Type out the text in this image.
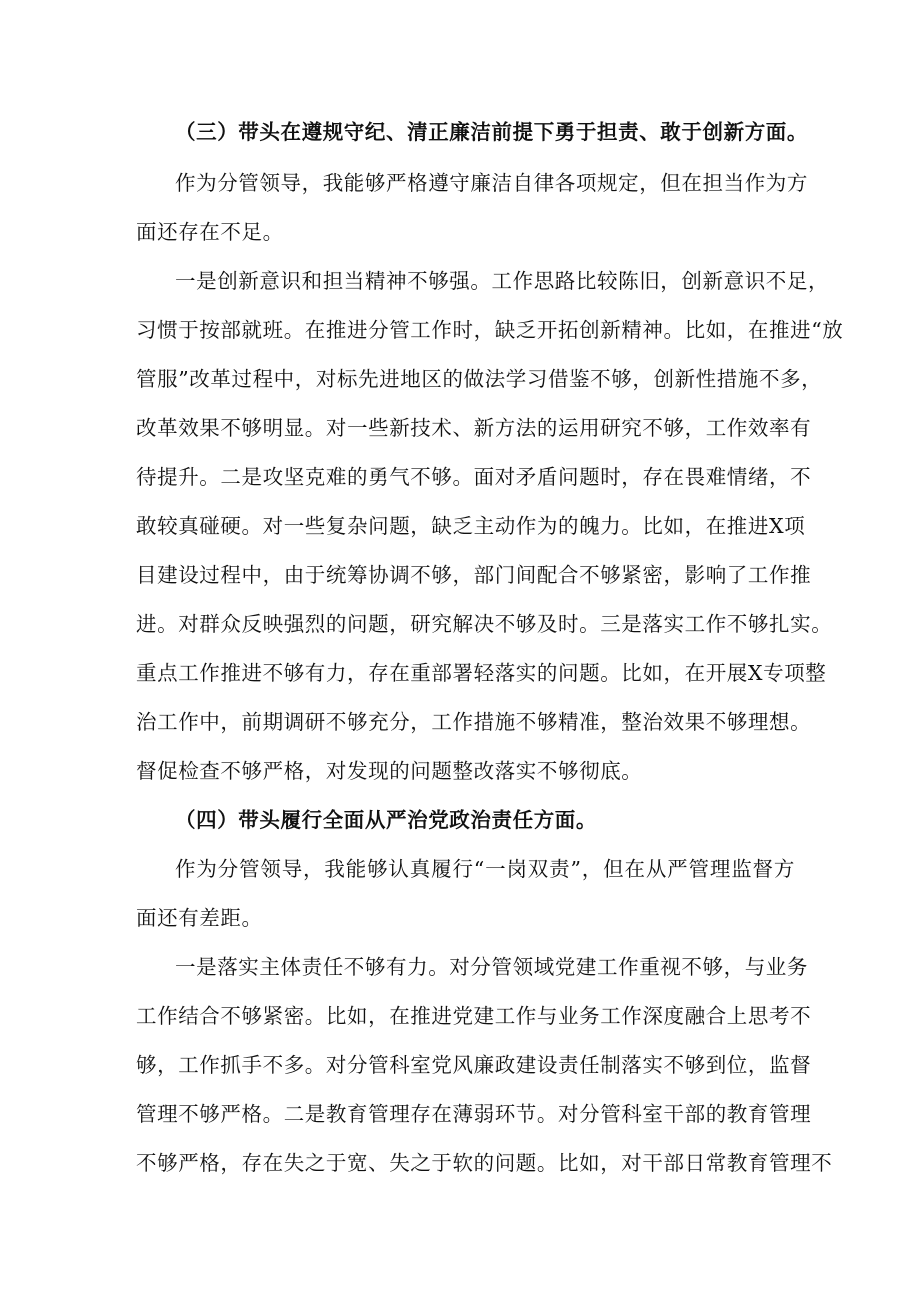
（三）带头在遵规守纪、清正廉洁前提下勇于担责、敢于创新方面。
作为分管领导，我能够严格遵守廉洁自律各项规定，但在担当作为方
面还存在不足。
一是创新意识和担当精神不够强。工作思路比较陈旧，创新意识不足，
习惯于按部就班。在推进分管工作时，缺乏开拓创新精神。比如，在推进“放
管服”改革过程中，对标先进地区的做法学习借鉴不够，创新性措施不多，
改革效果不够明显。对一些新技术、新方法的运用研究不够，工作效率有
待提升。二是攻坚克难的勇气不够。面对矛盾问题时，存在畏难情绪，不
敢较真碰硬。对一些复杂问题，缺乏主动作为的魄力。比如，在推进X项
目建设过程中，由于统筹协调不够，部门间配合不够紧密，影响了工作推
进。对群众反映强烈的问题，研究解决不够及时。三是落实工作不够扎实。
重点工作推进不够有力，存在重部署轻落实的问题。比如，在开展X专项整
治工作中，前期调研不够充分，工作措施不够精准，整治效果不够理想。
督促检查不够严格，对发现的问题整改落实不够彻底。
（四）带头履行全面从严治党政治责任方面。
作为分管领导，我能够认真履行“一岗双责”，但在从严管理监督方
面还有差距。
一是落实主体责任不够有力。对分管领域党建工作重视不够，与业务
工作结合不够紧密。比如，在推进党建工作与业务工作深度融合上思考不
够，工作抓手不多。对分管科室党风廉政建设责任制落实不够到位，监督
管理不够严格。二是教育管理存在薄弱环节。对分管科室干部的教育管理
不够严格，存在失之于宽、失之于软的问题。比如，对干部日常教育管理不
